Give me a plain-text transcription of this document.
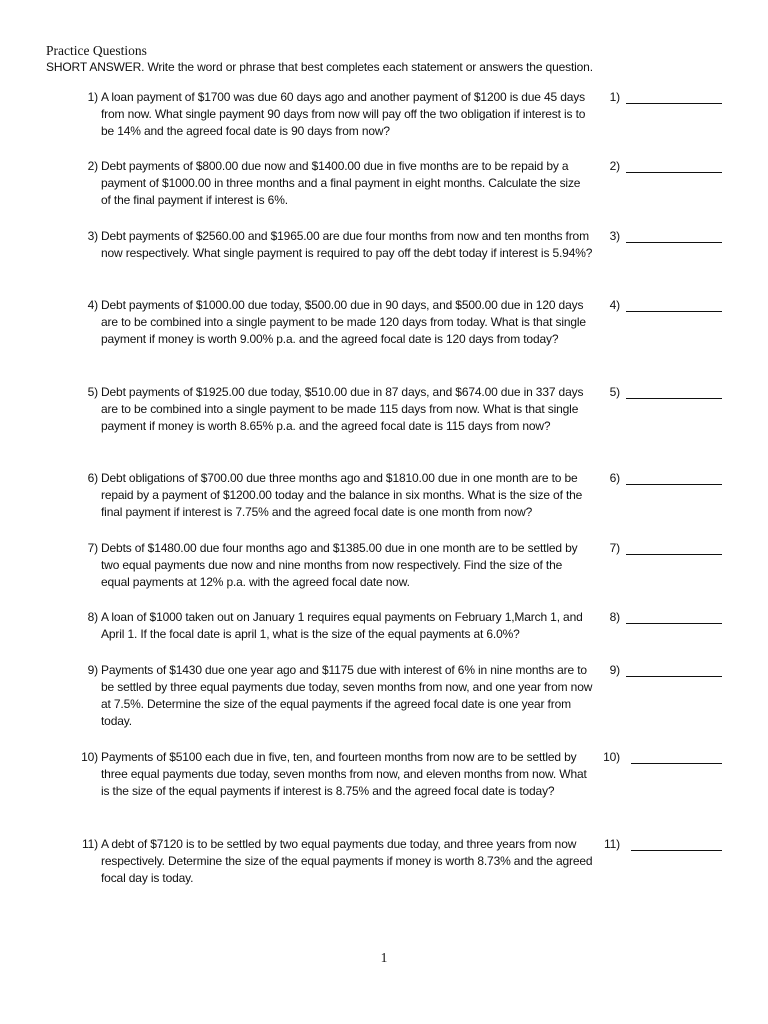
Practice Questions
SHORT ANSWER. Write the word or phrase that best completes each statement or answers the question.
1) A loan payment of $1700 was due 60 days ago and another payment of $1200 is due 45 days from now. What single payment 90 days from now will pay off the two obligation if interest is to be 14% and the agreed focal date is 90 days from now?
1)
2) Debt payments of $800.00 due now and $1400.00 due in five months are to be repaid by a payment of $1000.00 in three months and a final payment in eight months. Calculate the size of the final payment if interest is 6%.
2)
3) Debt payments of $2560.00 and $1965.00 are due four months from now and ten months from now respectively. What single payment is required to pay off the debt today if interest is 5.94%?
3)
4) Debt payments of $1000.00 due today, $500.00 due in 90 days, and $500.00 due in 120 days are to be combined into a single payment to be made 120 days from today. What is that single payment if money is worth 9.00% p.a. and the agreed focal date is 120 days from today?
4)
5) Debt payments of $1925.00 due today, $510.00 due in 87 days, and $674.00 due in 337 days are to be combined into a single payment to be made 115 days from now. What is that single payment if money is worth 8.65% p.a. and the agreed focal date is 115 days from now?
5)
6) Debt obligations of $700.00 due three months ago and $1810.00 due in one month are to be repaid by a payment of $1200.00 today and the balance in six months. What is the size of the final payment if interest is 7.75% and the agreed focal date is one month from now?
6)
7) Debts of $1480.00 due four months ago and $1385.00 due in one month are to be settled by two equal payments due now and nine months from now respectively. Find the size of the equal payments at 12% p.a. with the agreed focal date now.
7)
8) A loan of $1000 taken out on January 1 requires equal payments on February 1,March 1, and April 1. If the focal date is april 1, what is the size of the equal payments at 6.0%?
8)
9) Payments of $1430 due one year ago and $1175 due with interest of 6% in nine months are to be settled by three equal payments due today, seven months from now, and one year from now at 7.5%. Determine the size of the equal payments if the agreed focal date is one year from today.
9)
10) Payments of $5100 each due in five, ten, and fourteen months from now are to be settled by three equal payments due today, seven months from now, and eleven months from now. What is the size of the equal payments if interest is 8.75% and the agreed focal date is today?
10)
11) A debt of $7120 is to be settled by two equal payments due today, and three years from now respectively. Determine the size of the equal payments if money is worth 8.73% and the agreed focal day is today.
11)
1
